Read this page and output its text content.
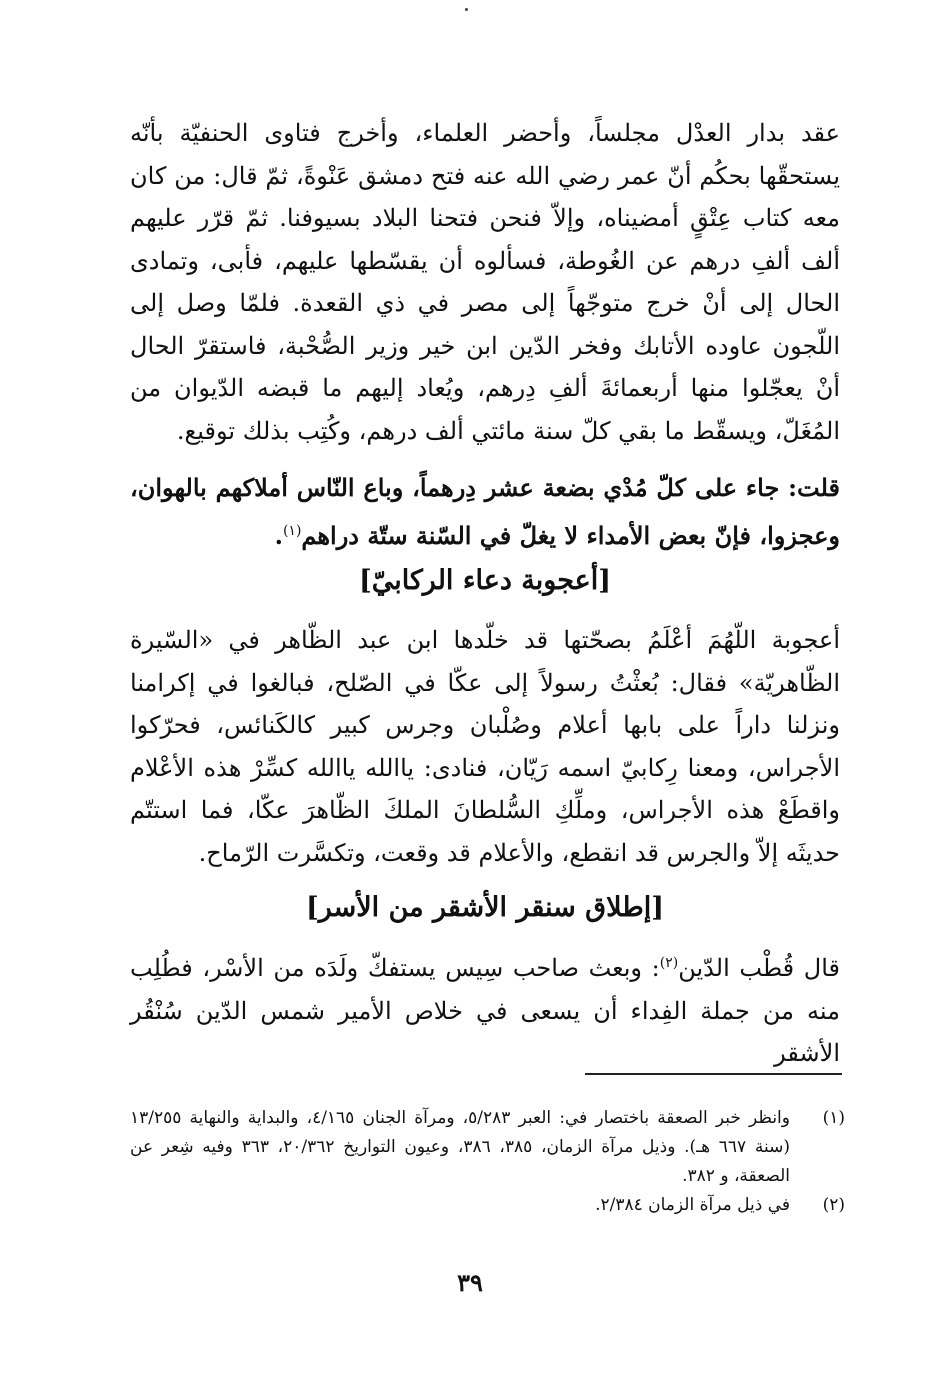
عقد بدار العدْل مجلساً، وأحضر العلماء، وأخرج فتاوى الحنفيّة بأنّه يستحقّها بحكُم أنّ عمر رضي الله عنه فتح دمشق عَنْوةً، ثمّ قال: من كان معه كتاب عِتْقٍ أمضيناه، وإلاّ فنحن فتحنا البلاد بسيوفنا. ثمّ قرّر عليهم ألف ألفِ درهم عن الغُوطة، فسألوه أن يقسّطها عليهم، فأبى، وتمادى الحال إلى أنْ خرج متوجّهاً إلى مصر في ذي القعدة. فلمّا وصل إلى اللّجون عاوده الأتابك وفخر الدّين ابن خير وزير الصُّحْبة، فاستقرّ الحال أنْ يعجّلوا منها أربعمائةَ ألفِ دِرهم، ويُعاد إليهم ما قبضه الدّيوان من المُغَلّ، ويسقّط ما بقي كلّ سنة مائتي ألف درهم، وكُتِب بذلك توقيع.

قلت: جاء على كلّ مُدْي بضعة عشر دِرهماً، وباع النّاس أملاكهم بالهوان، وعجزوا، فإنّ بعض الأمداء لا يغلّ في السّنة ستّة دراهم$^{(١)}$.

[أعجوبة دعاء الركابيّ]

أعجوبة اللّهُمَ أعْلَمُ بصحّتها قد خلّدها ابن عبد الظّاهر في «السّيرة الظّاهريّة» فقال: بُعثْتُ رسولاً إلى عكّا في الصّلح، فبالغوا في إكرامنا ونزلنا داراً على بابها أعلام وصُلْبان وجرس كبير كالكَنائس، فحرّكوا الأجراس، ومعنا رِكابيّ اسمه رَيّان، فنادى: ياالله ياالله كسِّرْ هذه الأعْلام واقطَعْ هذه الأجراس، وملِّكِ السُّلطانَ الملكَ الظّاهرَ عكّا، فما استتّم حديثَه إلاّ والجرس قد انقطع، والأعلام قد وقعت، وتكسَّرت الرّماح.

[إطلاق سنقر الأشقر من الأسر]

قال قُطْب الدّين$^{(٢)}$: وبعث صاحب سِيس يستفكّ ولَدَه من الأسْر، فطُلِب منه من جملة الفِداء أن يسعى في خلاص الأمير شمس الدّين سُنْقُر الأشقر

(١)
وانظر خبر الصعقة باختصار في: العبر ٥/٢٨٣، ومرآة الجنان ٤/١٦٥، والبداية والنهاية ١٣/٢٥٥ (سنة ٦٦٧ هـ). وذيل مرآة الزمان، ٣٨٥، ٣٨٦، وعيون التواريخ ٢٠/٣٦٢، ٣٦٣ وفيه شِعر عن الصعقة، و ٣٨٢.
(٢)
في ذيل مرآة الزمان ٢/٣٨٤.
٣٩
